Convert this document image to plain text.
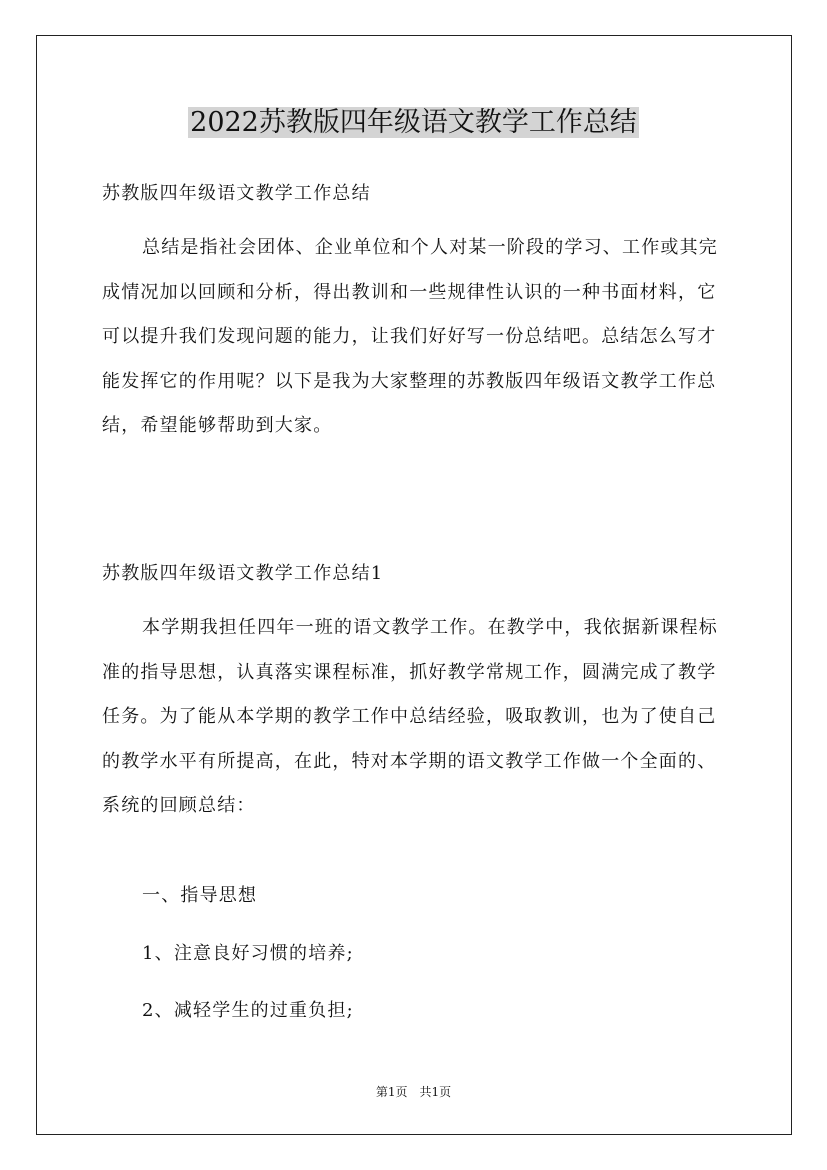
2022苏教版四年级语文教学工作总结

苏教版四年级语文教学工作总结

总结是指社会团体、企业单位和个人对某一阶段的学习、工作或其完成情况加以回顾和分析，得出教训和一些规律性认识的一种书面材料，它可以提升我们发现问题的能力，让我们好好写一份总结吧。总结怎么写才能发挥它的作用呢？以下是我为大家整理的苏教版四年级语文教学工作总结，希望能够帮助到大家。

苏教版四年级语文教学工作总结1

本学期我担任四年一班的语文教学工作。在教学中，我依据新课程标准的指导思想，认真落实课程标准，抓好教学常规工作，圆满完成了教学任务。为了能从本学期的教学工作中总结经验，吸取教训，也为了使自己的教学水平有所提高，在此，特对本学期的语文教学工作做一个全面的、系统的回顾总结：

一、指导思想

1、注意良好习惯的培养;

2、减轻学生的过重负担;

第1页　共1页
